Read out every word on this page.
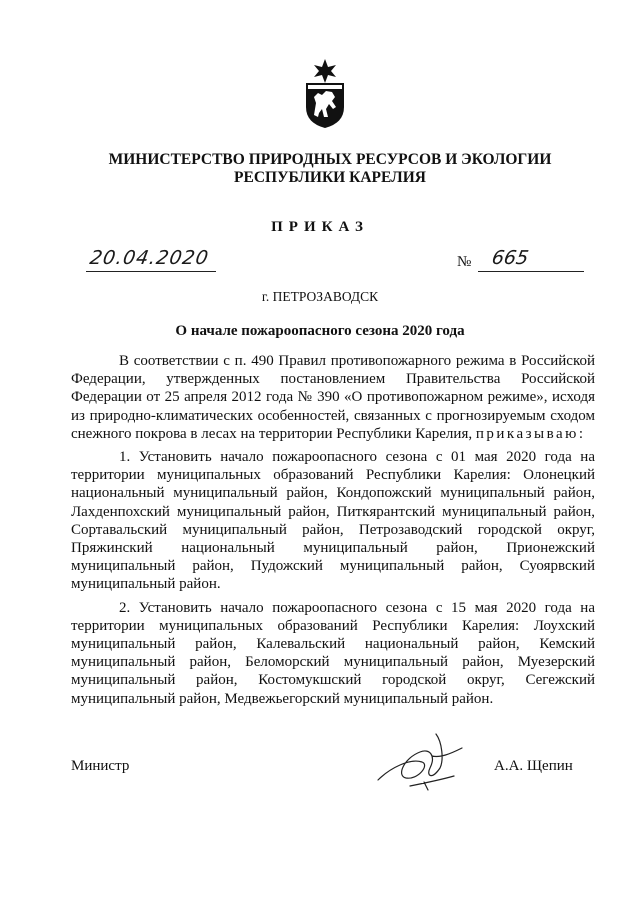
МИНИСТЕРСТВО ПРИРОДНЫХ РЕСУРСОВ И ЭКОЛОГИИ РЕСПУБЛИКИ КАРЕЛИЯ
ПРИКАЗ
20.04.2020	№ 665
г. ПЕТРОЗАВОДСК
О начале пожароопасного сезона 2020 года

В соответствии с п. 490 Правил противопожарного режима в Российской Федерации, утвержденных постановлением Правительства Российской Федерации от 25 апреля 2012 года № 390 «О противопожарном режиме», исходя из природно-климатических особенностей, связанных с прогнозируемым сходом снежного покрова в лесах на территории Республики Карелия, приказываю:

1. Установить начало пожароопасного сезона с 01 мая 2020 года на территории муниципальных образований Республики Карелия: Олонецкий национальный муниципальный район, Кондопожский муниципальный район, Лахденпохский муниципальный район, Питкярантский муниципальный район, Сортавальский муниципальный район, Петрозаводский городской округ, Пряжинский национальный муниципальный район, Прионежский муниципальный район, Пудожский муниципальный район, Суоярвский муниципальный район.

2. Установить начало пожароопасного сезона с 15 мая 2020 года на территории муниципальных образований Республики Карелия: Лоухский муниципальный район, Калевальский национальный район, Кемский муниципальный район, Беломорский муниципальный район, Муезерский муниципальный район, Костомукшский городской округ, Сегежский муниципальный район, Медвежьегорский муниципальный район.

Министр	А.А. Щепин
